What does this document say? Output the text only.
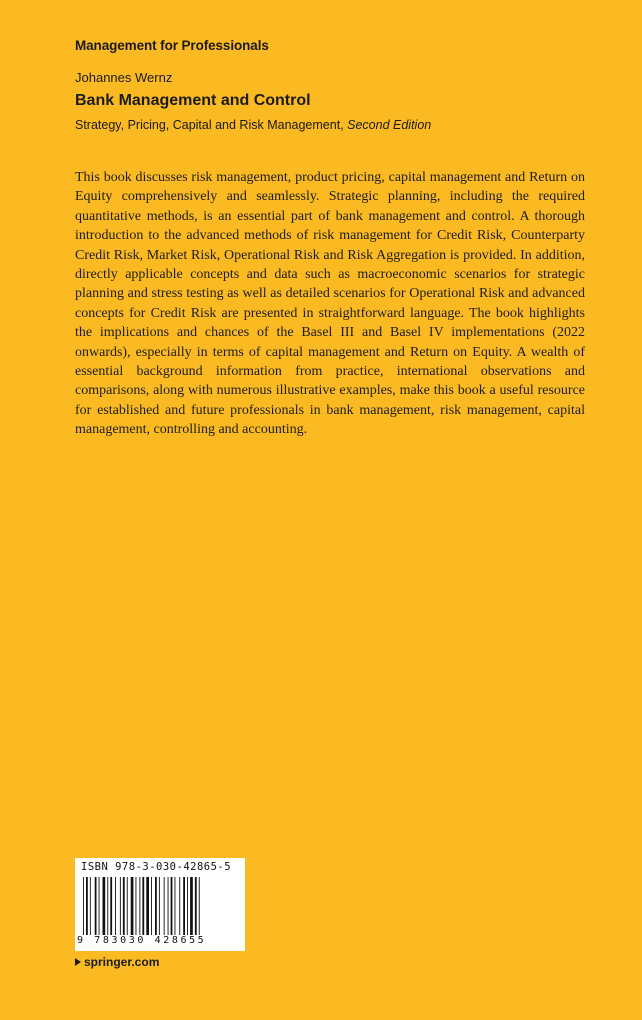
Management for Professionals
Johannes Wernz
Bank Management and Control
Strategy, Pricing, Capital and Risk Management, Second Edition

This book discusses risk management, product pricing, capital management and Return on Equity comprehensively and seamlessly. Strategic planning, including the required quantitative methods, is an essential part of bank management and control. A thorough introduction to the advanced methods of risk management for Credit Risk, Counterparty Credit Risk, Market Risk, Operational Risk and Risk Aggregation is provided. In addition, directly applicable concepts and data such as macroeconomic scenarios for strategic planning and stress testing as well as detailed scenarios for Operational Risk and advanced concepts for Credit Risk are presented in straightforward language. The book highlights the implications and chances of the Basel III and Basel IV implementations (2022 onwards), especially in terms of capital management and Return on Equity. A wealth of essential background information from practice, international observations and comparisons, along with numerous illustrative examples, make this book a useful resource for established and future professionals in bank management, risk management, capital management, controlling and accounting.

ISBN 978-3-030-42865-5
9 783030 428655
springer.com
